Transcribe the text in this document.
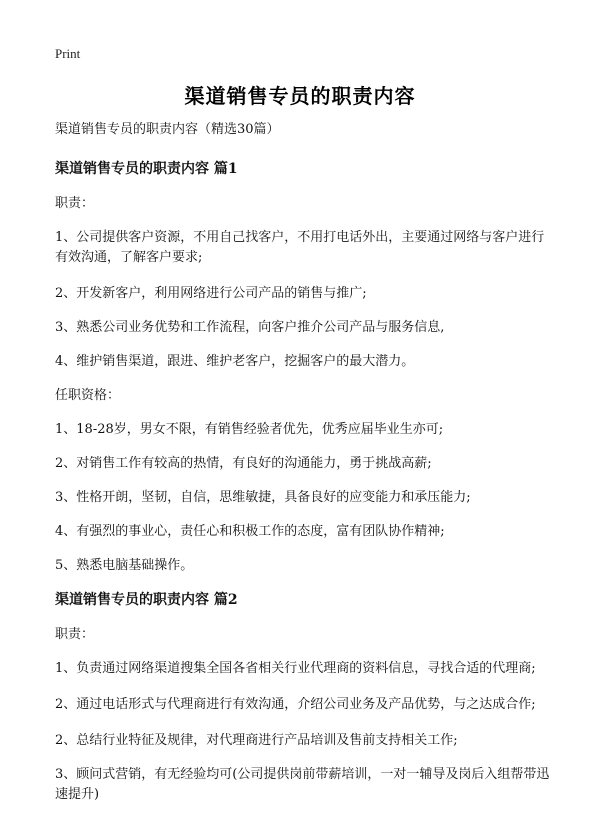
Print
渠道销售专员的职责内容
渠道销售专员的职责内容（精选30篇）
渠道销售专员的职责内容 篇1
职责：
1、公司提供客户资源，不用自己找客户，不用打电话外出，主要通过网络与客户进行有效沟通，了解客户要求;
2、开发新客户，利用网络进行公司产品的销售与推广;
3、熟悉公司业务优势和工作流程，向客户推介公司产品与服务信息,
4、维护销售渠道，跟进、维护老客户，挖掘客户的最大潜力。
任职资格：
1、18-28岁，男女不限，有销售经验者优先，优秀应届毕业生亦可;
2、对销售工作有较高的热情，有良好的沟通能力，勇于挑战高薪;
3、性格开朗，坚韧，自信，思维敏捷，具备良好的应变能力和承压能力;
4、有强烈的事业心，责任心和积极工作的态度，富有团队协作精神;
5、熟悉电脑基础操作。
渠道销售专员的职责内容 篇2
职责：
1、负责通过网络渠道搜集全国各省相关行业代理商的资料信息，寻找合适的代理商;
2、通过电话形式与代理商进行有效沟通，介绍公司业务及产品优势，与之达成合作;
2、总结行业特征及规律，对代理商进行产品培训及售前支持相关工作;
3、顾问式营销，有无经验均可(公司提供岗前带薪培训，一对一辅导及岗后入组帮带迅速提升)
